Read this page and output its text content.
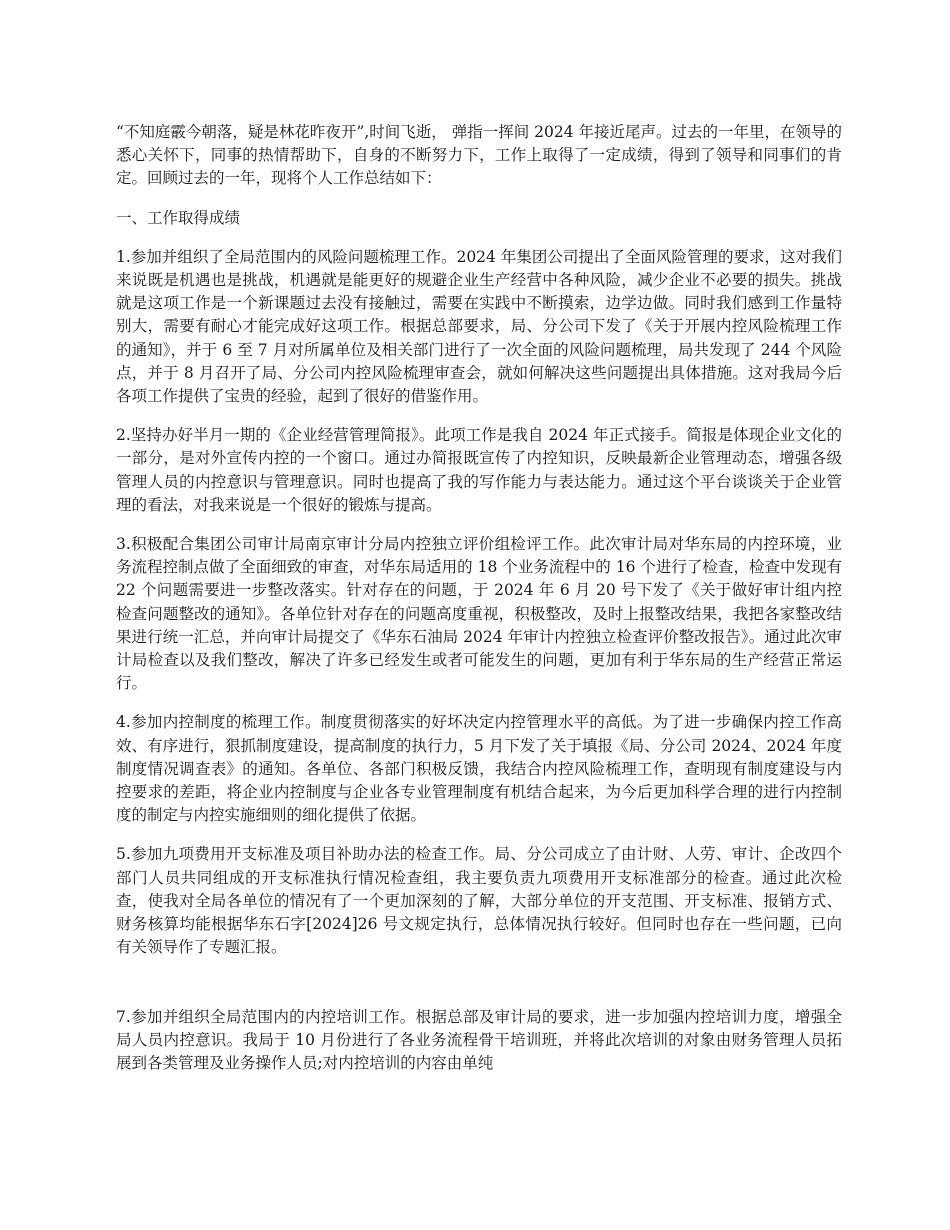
“不知庭霰今朝落，疑是林花昨夜开”,时间飞逝， 弹指一挥间 2024 年接近尾声。过去的一年里，在领导的悉心关怀下，同事的热情帮助下，自身的不断努力下，工作上取得了一定成绩，得到了领导和同事们的肯定。回顾过去的一年，现将个人工作总结如下：

一、工作取得成绩

1.参加并组织了全局范围内的风险问题梳理工作。2024 年集团公司提出了全面风险管理的要求，这对我们来说既是机遇也是挑战，机遇就是能更好的规避企业生产经营中各种风险，减少企业不必要的损失。挑战就是这项工作是一个新课题过去没有接触过，需要在实践中不断摸索，边学边做。同时我们感到工作量特别大，需要有耐心才能完成好这项工作。根据总部要求，局、分公司下发了《关于开展内控风险梳理工作的通知》，并于 6 至 7 月对所属单位及相关部门进行了一次全面的风险问题梳理，局共发现了 244 个风险点，并于 8 月召开了局、分公司内控风险梳理审查会，就如何解决这些问题提出具体措施。这对我局今后各项工作提供了宝贵的经验，起到了很好的借鉴作用。

2.坚持办好半月一期的《企业经营管理简报》。此项工作是我自 2024 年正式接手。简报是体现企业文化的一部分，是对外宣传内控的一个窗口。通过办简报既宣传了内控知识，反映最新企业管理动态，增强各级管理人员的内控意识与管理意识。同时也提高了我的写作能力与表达能力。通过这个平台谈谈关于企业管理的看法，对我来说是一个很好的锻炼与提高。

3.积极配合集团公司审计局南京审计分局内控独立评价组检评工作。此次审计局对华东局的内控环境，业务流程控制点做了全面细致的审查，对华东局适用的 18 个业务流程中的 16 个进行了检查，检查中发现有 22 个问题需要进一步整改落实。针对存在的问题，于 2024 年 6 月 20 号下发了《关于做好审计组内控检查问题整改的通知》。各单位针对存在的问题高度重视，积极整改，及时上报整改结果，我把各家整改结果进行统一汇总，并向审计局提交了《华东石油局 2024 年审计内控独立检查评价整改报告》。通过此次审计局检查以及我们整改，解决了许多已经发生或者可能发生的问题，更加有利于华东局的生产经营正常运行。

4.参加内控制度的梳理工作。制度贯彻落实的好坏决定内控管理水平的高低。为了进一步确保内控工作高效、有序进行，狠抓制度建设，提高制度的执行力，5 月下发了关于填报《局、分公司 2024、2024 年度制度情况调查表》的通知。各单位、各部门积极反馈，我结合内控风险梳理工作，查明现有制度建设与内控要求的差距，将企业内控制度与企业各专业管理制度有机结合起来，为今后更加科学合理的进行内控制度的制定与内控实施细则的细化提供了依据。

5.参加九项费用开支标准及项目补助办法的检查工作。局、分公司成立了由计财、人劳、审计、企改四个部门人员共同组成的开支标准执行情况检查组，我主要负责九项费用开支标准部分的检查。通过此次检查，使我对全局各单位的情况有了一个更加深刻的了解，大部分单位的开支范围、开支标准、报销方式、财务核算均能根据华东石字[2024]26 号文规定执行，总体情况执行较好。但同时也存在一些问题，已向有关领导作了专题汇报。

7.参加并组织全局范围内的内控培训工作。根据总部及审计局的要求，进一步加强内控培训力度，增强全局人员内控意识。我局于 10 月份进行了各业务流程骨干培训班，并将此次培训的对象由财务管理人员拓展到各类管理及业务操作人员;对内控培训的内容由单纯
